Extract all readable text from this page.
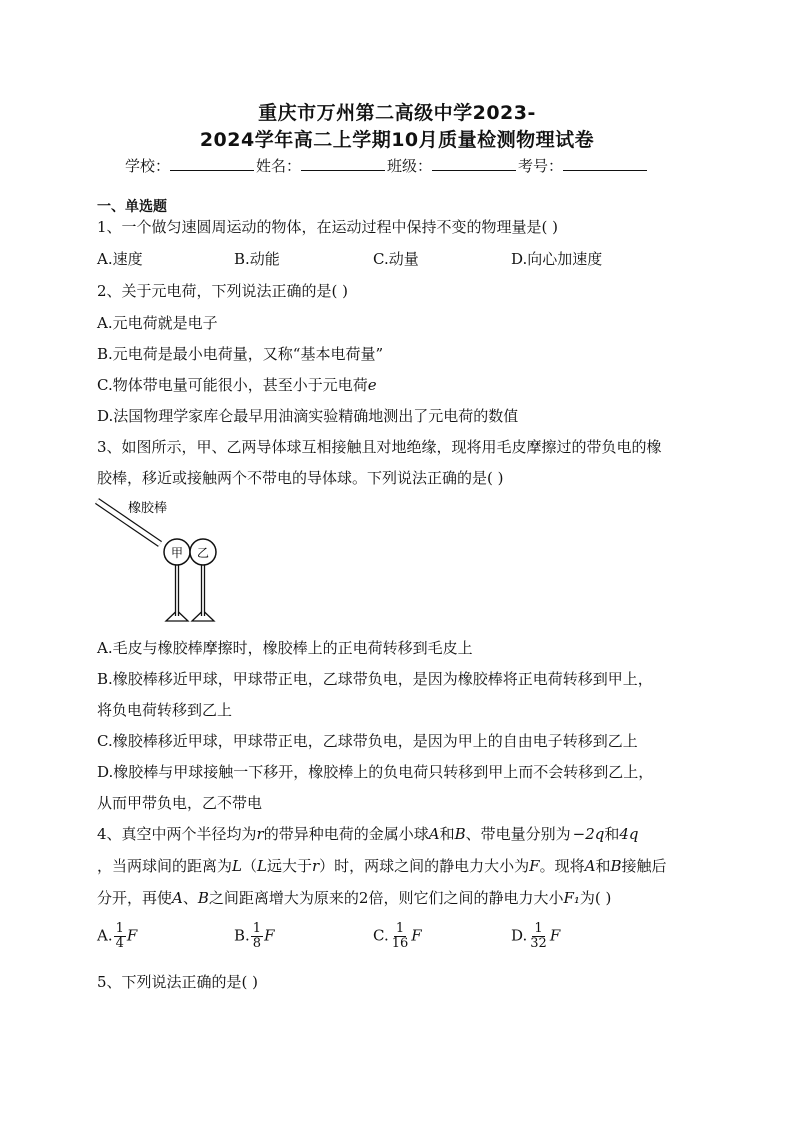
重庆市万州第二高级中学2023-
2024学年高二上学期10月质量检测物理试卷
学校：	姓名：	班级：	考号：
一、单选题
1、一个做匀速圆周运动的物体，在运动过程中保持不变的物理量是( )
A.速度	B.动能	C.动量	D.向心加速度
2、关于元电荷，下列说法正确的是( )
A.元电荷就是电子
B.元电荷是最小电荷量，又称“基本电荷量”
C.物体带电量可能很小，甚至小于元电荷e
D.法国物理学家库仑最早用油滴实验精确地测出了元电荷的数值
3、如图所示，甲、乙两导体球互相接触且对地绝缘，现将用毛皮摩擦过的带负电的橡
胶棒，移近或接触两个不带电的导体球。下列说法正确的是( )
橡胶棒
甲 乙
A.毛皮与橡胶棒摩擦时，橡胶棒上的正电荷转移到毛皮上
B.橡胶棒移近甲球，甲球带正电，乙球带负电，是因为橡胶棒将正电荷转移到甲上，
将负电荷转移到乙上
C.橡胶棒移近甲球，甲球带正电，乙球带负电，是因为甲上的自由电子转移到乙上
D.橡胶棒与甲球接触一下移开，橡胶棒上的负电荷只转移到甲上而不会转移到乙上，
从而甲带负电，乙不带电
4、真空中两个半径均为r的带异种电荷的金属小球A和B、带电量分别为 −2q和4q
，当两球间的距离为L（L远大于r）时，两球之间的静电力大小为F。现将A和B接触后
分开，再使A、B之间距离增大为原来的2倍，则它们之间的静电力大小F₁为( )
A. $\frac{1}{4}$ F	B. $\frac{1}{8}$ F	C. $\frac{1}{16}$ F	D. $\frac{1}{32}$ F
5、下列说法正确的是( )
